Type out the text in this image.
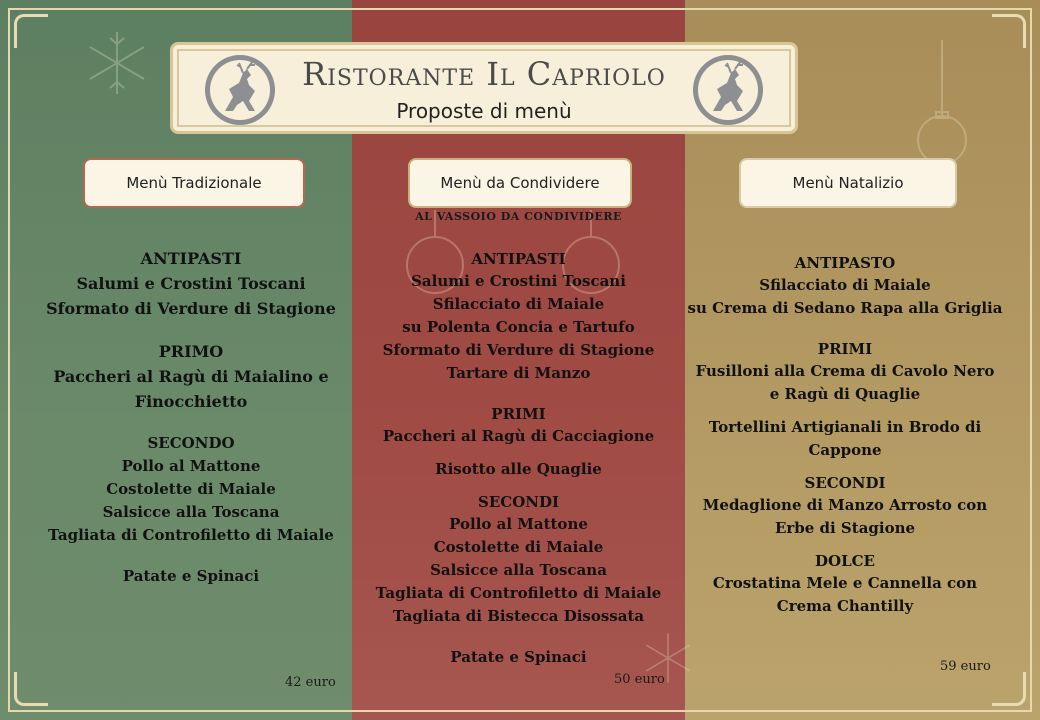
Ristorante Il Capriolo
Proposte di menù
Menù Tradizionale	Menù da Condividere	Menù Natalizio
AL VASSOIO DA CONDIVIDERE
ANTIPASTI
Salumi e Crostini Toscani
Sformato di Verdure di Stagione
PRIMO
Paccheri al Ragù di Maialino e
Finocchietto
SECONDO
Pollo al Mattone
Costolette di Maiale
Salsicce alla Toscana
Tagliata di Controfiletto di Maiale
Patate e Spinaci
ANTIPASTI
Salumi e Crostini Toscani
Sfilacciato di Maiale
su Polenta Concia e Tartufo
Sformato di Verdure di Stagione
Tartare di Manzo
PRIMI
Paccheri al Ragù di Cacciagione
Risotto alle Quaglie
SECONDI
Pollo al Mattone
Costolette di Maiale
Salsicce alla Toscana
Tagliata di Controfiletto di Maiale
Tagliata di Bistecca Disossata
Patate e Spinaci
ANTIPASTO
Sfilacciato di Maiale
su Crema di Sedano Rapa alla Griglia
PRIMI
Fusilloni alla Crema di Cavolo Nero
e Ragù di Quaglie
Tortellini Artigianali in Brodo di
Cappone
SECONDI
Medaglione di Manzo Arrosto con
Erbe di Stagione
DOLCE
Crostatina Mele e Cannella con
Crema Chantilly
42 euro	50 euro
59 euro
